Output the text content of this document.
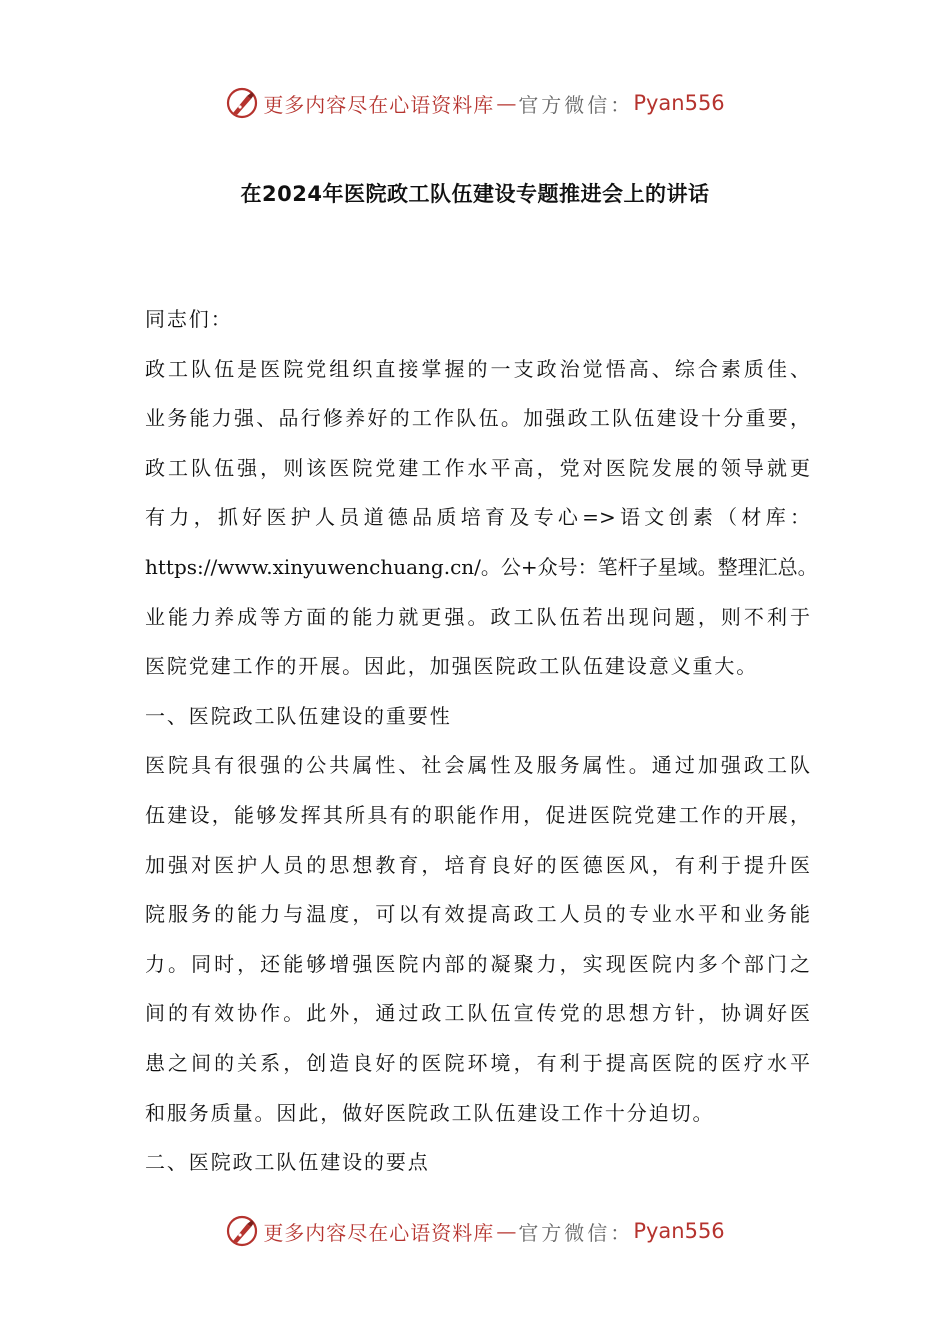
更多内容尽在心语资料库 — 官方微信： Pyan556
在2024年医院政工队伍建设专题推进会上的讲话
同志们：
政工队伍是医院党组织直接掌握的一支政治觉悟高、综合素质佳、
业务能力强、品行修养好的工作队伍。加强政工队伍建设十分重要，
政工队伍强，则该医院党建工作水平高，党对医院发展的领导就更
有力，抓好医护人员道德品质培育及专心=>语文创素（材库：
https://www.xinyuwenchuang.cn/。公+众号：笔杆子星域。整理汇总。
业能力养成等方面的能力就更强。政工队伍若出现问题，则不利于
医院党建工作的开展。因此，加强医院政工队伍建设意义重大。
一、医院政工队伍建设的重要性
医院具有很强的公共属性、社会属性及服务属性。通过加强政工队
伍建设，能够发挥其所具有的职能作用，促进医院党建工作的开展，
加强对医护人员的思想教育，培育良好的医德医风，有利于提升医
院服务的能力与温度，可以有效提高政工人员的专业水平和业务能
力。同时，还能够增强医院内部的凝聚力，实现医院内多个部门之
间的有效协作。此外，通过政工队伍宣传党的思想方针，协调好医
患之间的关系，创造良好的医院环境，有利于提高医院的医疗水平
和服务质量。因此，做好医院政工队伍建设工作十分迫切。
二、医院政工队伍建设的要点
更多内容尽在心语资料库 — 官方微信： Pyan556
